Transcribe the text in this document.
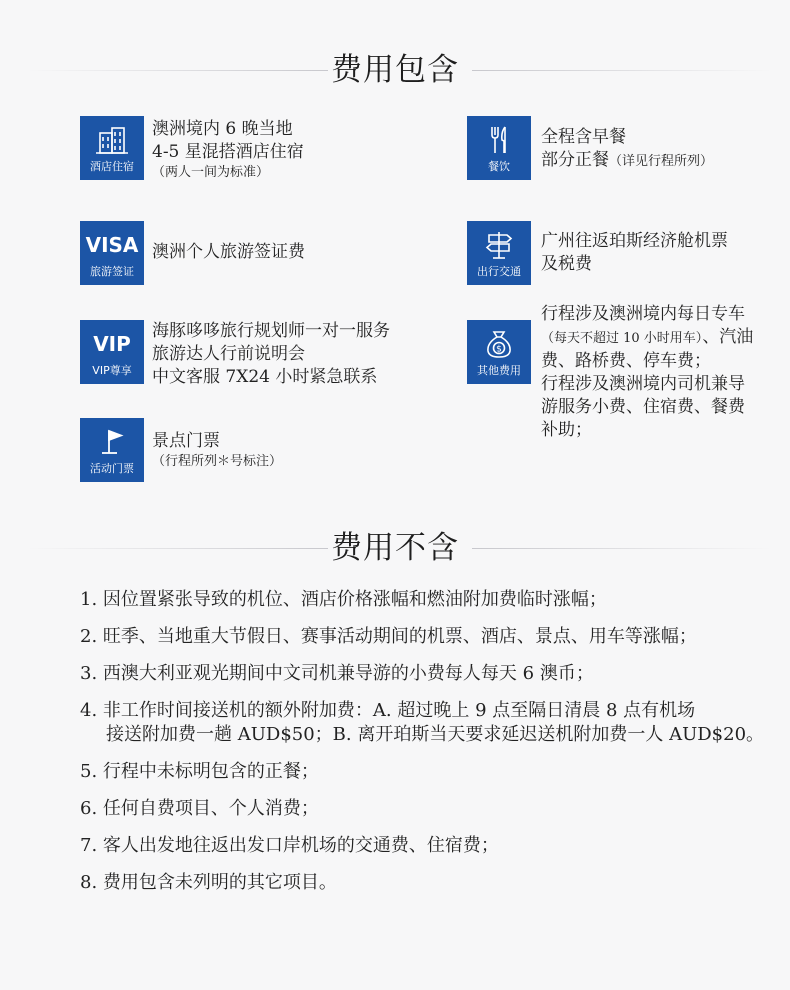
费用包含
酒店住宿
澳洲境内 6 晚当地
4-5 星混搭酒店住宿
（两人一间为标准）
VISA
旅游签证
澳洲个人旅游签证费
VIP
VIP尊享
海豚哆哆旅行规划师一对一服务
旅游达人行前说明会
中文客服 7X24 小时紧急联系
活动门票
景点门票
（行程所列＊号标注）
餐饮
全程含早餐
部分正餐（详见行程所列）
出行交通
广州往返珀斯经济舱机票
及税费
$
其他费用
行程涉及澳洲境内每日专车
（每天不超过 10 小时用车）、汽油
费、路桥费、停车费；
行程涉及澳洲境内司机兼导
游服务小费、住宿费、餐费
补助；
费用不含
1. 因位置紧张导致的机位、酒店价格涨幅和燃油附加费临时涨幅；
2. 旺季、当地重大节假日、赛事活动期间的机票、酒店、景点、用车等涨幅；
3. 西澳大利亚观光期间中文司机兼导游的小费每人每天 6 澳币；
4. 非工作时间接送机的额外附加费：A. 超过晚上 9 点至隔日清晨 8 点有机场
接送附加费一趟 AUD$50；B. 离开珀斯当天要求延迟送机附加费一人 AUD$20。
5. 行程中未标明包含的正餐；
6. 任何自费项目、个人消费；
7. 客人出发地往返出发口岸机场的交通费、住宿费；
8. 费用包含未列明的其它项目。
